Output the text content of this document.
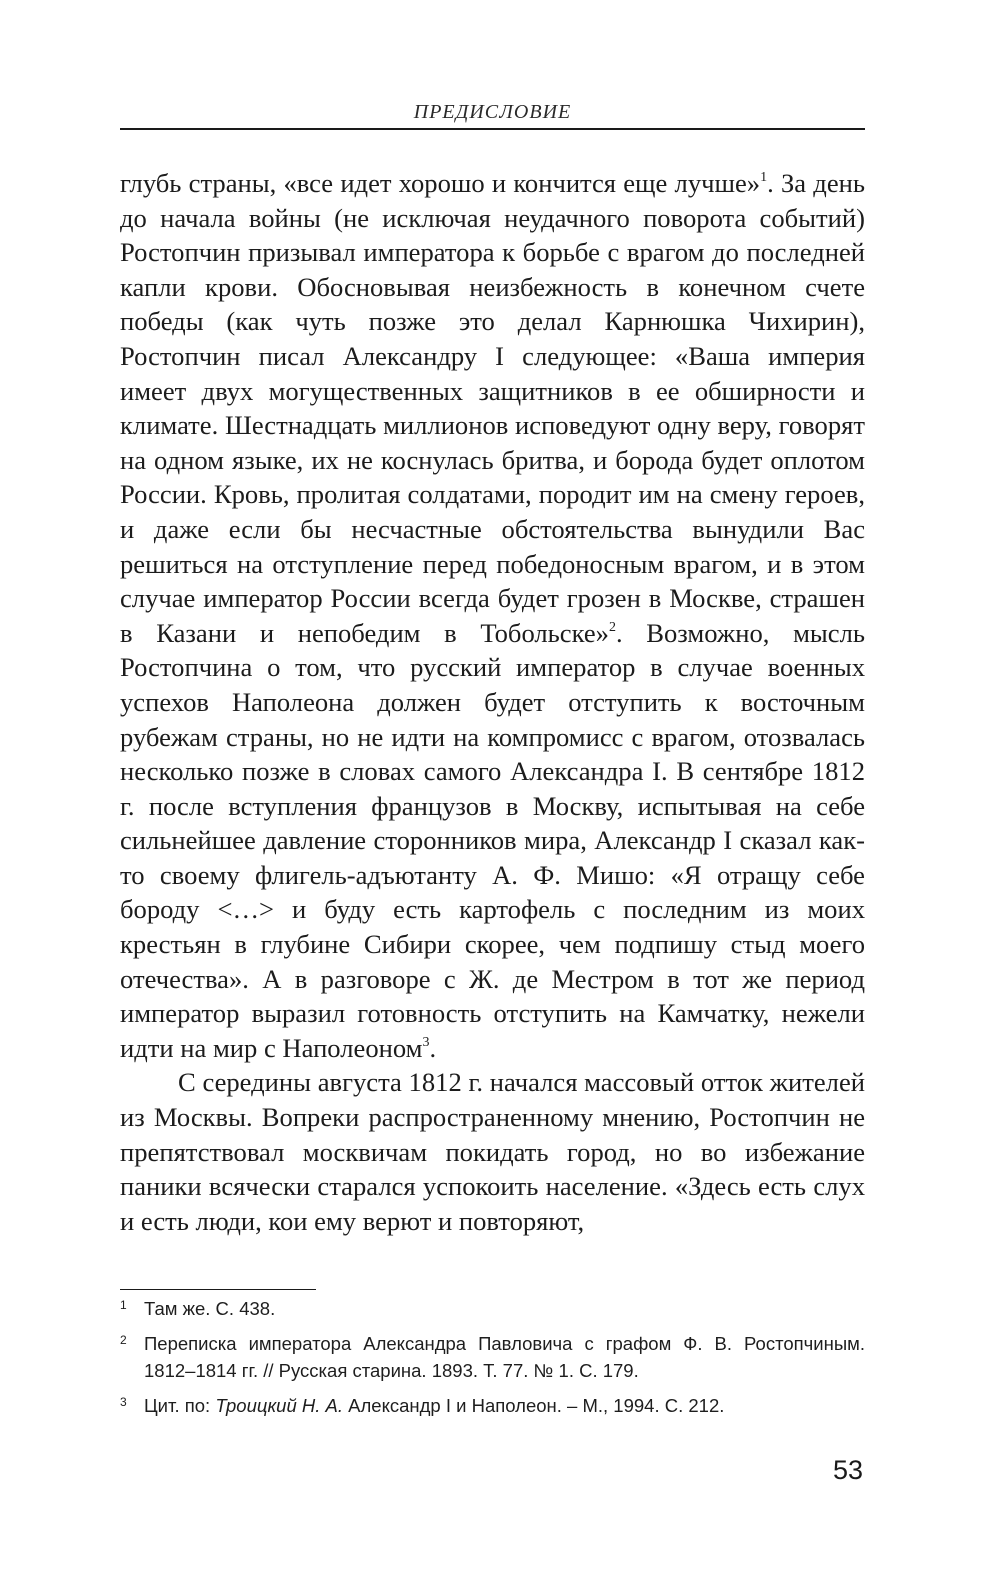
ПРЕДИСЛОВИЕ

глубь страны, «все идет хорошо и кончится еще лучше»$^1$. За день до начала войны (не исключая неудачного поворота событий) Ростопчин призывал императора к борьбе с врагом до последней капли крови. Обосновывая неизбежность в конечном счете победы (как чуть позже это делал Карнюшка Чихирин), Ростопчин писал Александру I следующее: «Ваша империя имеет двух могущественных защитников в ее обширности и климате. Шестнадцать миллионов исповедуют одну веру, говорят на одном языке, их не коснулась бритва, и борода будет оплотом России. Кровь, пролитая солдатами, породит им на смену героев, и даже если бы несчастные обстоятельства вынудили Вас решиться на отступление перед победоносным врагом, и в этом случае император России всегда будет грозен в Москве, страшен в Казани и непобедим в Тобольске»$^2$. Возможно, мысль Ростопчина о том, что русский император в случае военных успехов Наполеона должен будет отступить к восточным рубежам страны, но не идти на компромисс с врагом, отозвалась несколько позже в словах самого Александра I. В сентябре 1812 г. после вступления французов в Москву, испытывая на себе сильнейшее давление сторонников мира, Александр I сказал как-то своему флигель-адъютанту А. Ф. Мишо: «Я отращу себе бороду <…> и буду есть картофель с последним из моих крестьян в глубине Сибири скорее, чем подпишу стыд моего отечества». А в разговоре с Ж. де Местром в тот же период император выразил готовность отступить на Камчатку, нежели идти на мир с Наполеоном$^3$.

С середины августа 1812 г. начался массовый отток жителей из Москвы. Вопреки распространенному мнению, Ростопчин не препятствовал москвичам покидать город, но во избежание паники всячески старался успокоить население. «Здесь есть слух и есть люди, кои ему верют и повторяют,

1 Там же. С. 438.
2 Переписка императора Александра Павловича с графом Ф. В. Ростопчиным. 1812–1814 гг. // Русская старина. 1893. Т. 77. № 1. С. 179.
3 Цит. по: Троицкий Н. А. Александр I и Наполеон. – М., 1994. С. 212.
53
